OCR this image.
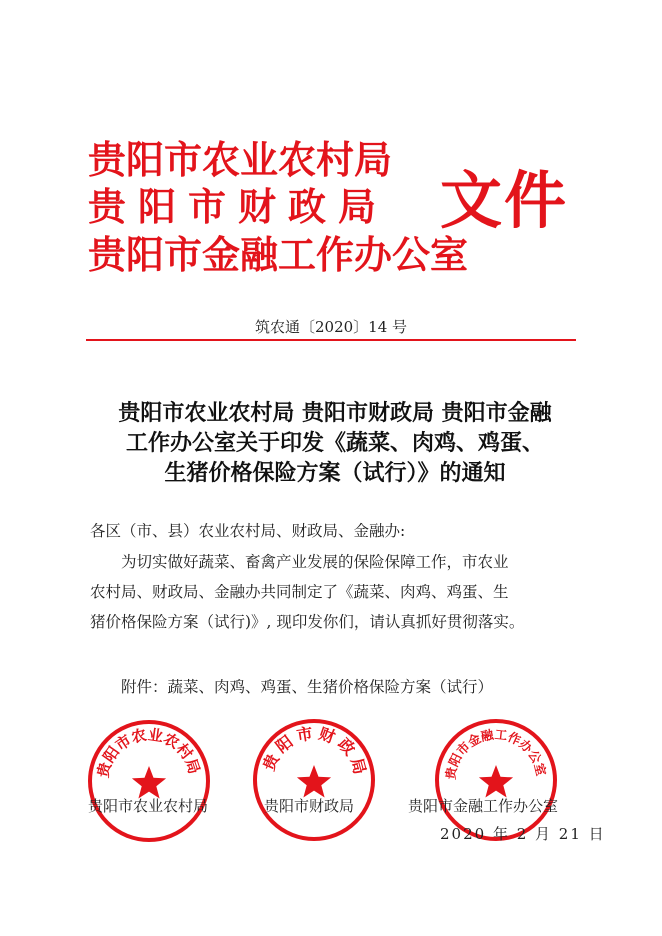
贵阳市农业农村局
贵阳市财政局
贵阳市金融工作办公室
文件
筑农通〔2020〕14 号
贵阳市农业农村局 贵阳市财政局 贵阳市金融
工作办公室关于印发《蔬菜、肉鸡、鸡蛋、
生猪价格保险方案（试行）》的通知
各区（市、县）农业农村局、财政局、金融办:
为切实做好蔬菜、畜禽产业发展的保险保障工作，市农业
农村局、财政局、金融办共同制定了《蔬菜、肉鸡、鸡蛋、生
猪价格保险方案（试行)》, 现印发你们，请认真抓好贯彻落实。
附件：蔬菜、肉鸡、鸡蛋、生猪价格保险方案（试行）
贵阳市农业农村局	贵阳市财政局	贵阳市金融工作办公室
贵阳市农业农村局	贵阳市财政局	贵阳市金融工作办公室
2020 年 2 月 21 日
